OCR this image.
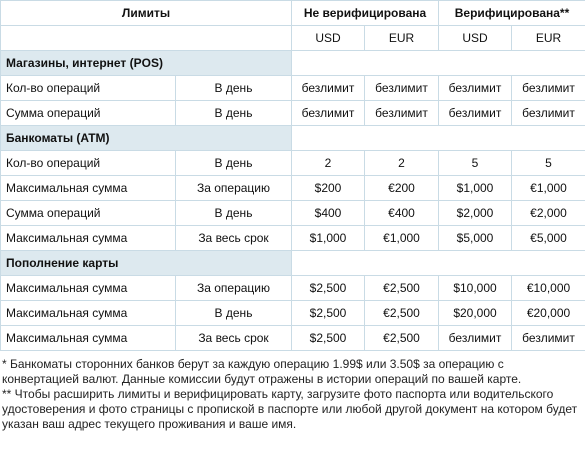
Лимиты		Не верифицирована		Верифицирована**	
		USD	EUR	USD	EUR
Магазины, интернет (POS)					
Кол-во операций	В день	безлимит	безлимит	безлимит	безлимит
Сумма операций	В день	безлимит	безлимит	безлимит	безлимит
Банкоматы (ATM)					
Кол-во операций	В день	2	2	5	5
Максимальная сумма	За операцию	$200	€200	$1,000	€1,000
Сумма операций	В день	$400	€400	$2,000	€2,000
Максимальная сумма	За весь срок	$1,000	€1,000	$5,000	€5,000
Пополнение карты					
Максимальная сумма	За операцию	$2,500	€2,500	$10,000	€10,000
Максимальная сумма	В день	$2,500	€2,500	$20,000	€20,000
Максимальная сумма	За весь срок	$2,500	€2,500	безлимит	безлимит

* Банкоматы сторонних банков берут за каждую операцию 1.99$ или 3.50$ за операцию с конвертацией валют. Данные комиссии будут отражены в истории операций по вашей карте.

** Чтобы расширить лимиты и верифицировать карту, загрузите фото паспорта или водительского удостоверения и фото страницы с пропиской в паспорте или любой другой документ на котором будет указан ваш адрес текущего проживания и ваше имя.
